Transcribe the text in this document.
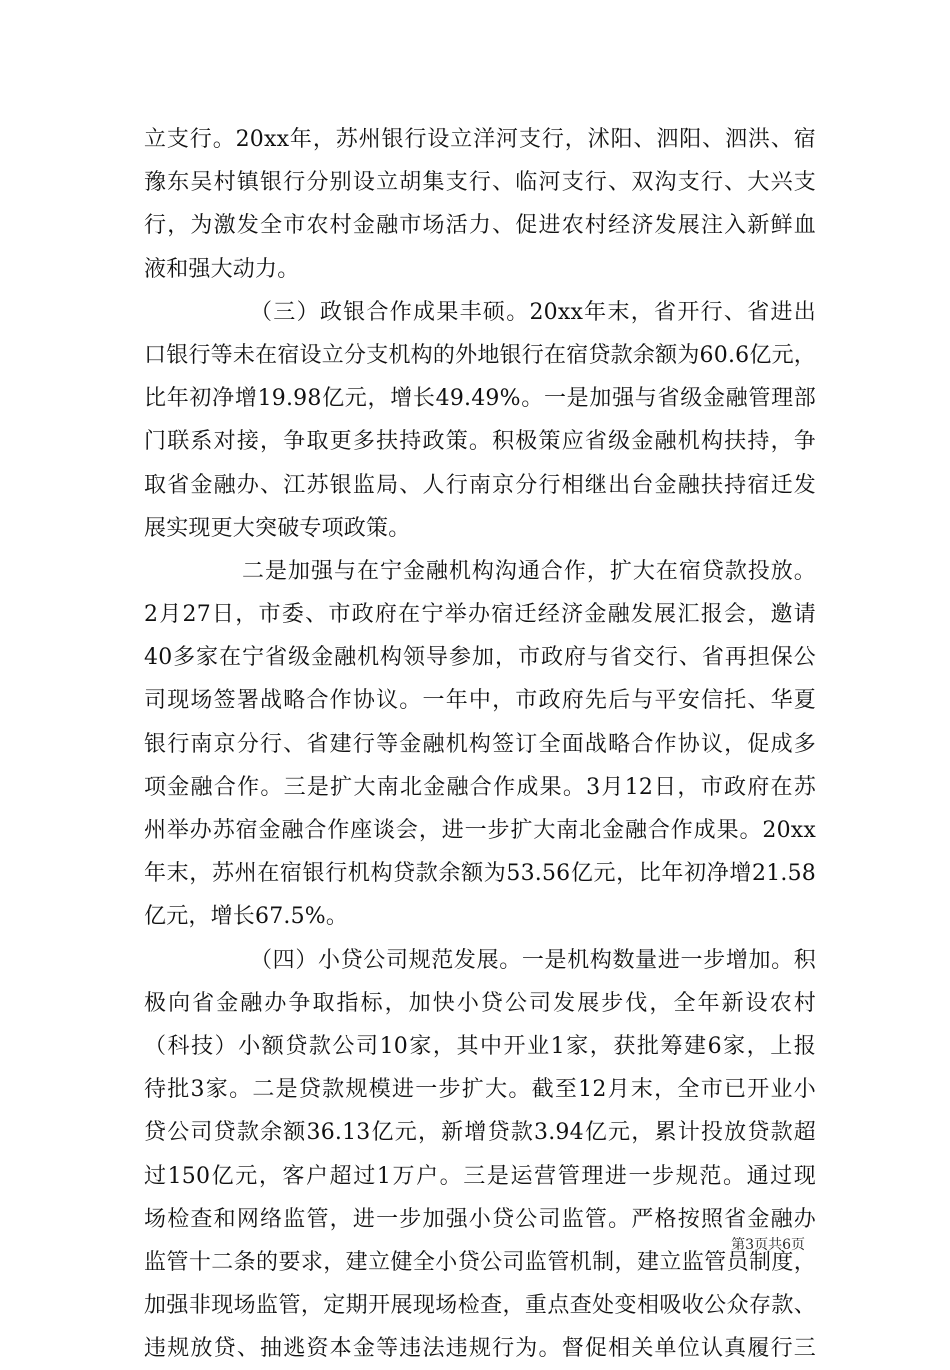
立支行。20xx年，苏州银行设立洋河支行，沭阳、泗阳、泗洪、宿
豫东吴村镇银行分别设立胡集支行、临河支行、双沟支行、大兴支
行，为激发全市农村金融市场活力、促进农村经济发展注入新鲜血
液和强大动力。
（三）政银合作成果丰硕。20xx年末，省开行、省进出
口银行等未在宿设立分支机构的外地银行在宿贷款余额为60.6亿元，
比年初净增19.98亿元，增长49.49%。一是加强与省级金融管理部
门联系对接，争取更多扶持政策。积极策应省级金融机构扶持，争
取省金融办、江苏银监局、人行南京分行相继出台金融扶持宿迁发
展实现更大突破专项政策。
二是加强与在宁金融机构沟通合作，扩大在宿贷款投放。
2月27日，市委、市政府在宁举办宿迁经济金融发展汇报会，邀请
40多家在宁省级金融机构领导参加，市政府与省交行、省再担保公
司现场签署战略合作协议。一年中，市政府先后与平安信托、华夏
银行南京分行、省建行等金融机构签订全面战略合作协议，促成多
项金融合作。三是扩大南北金融合作成果。3月12日，市政府在苏
州举办苏宿金融合作座谈会，进一步扩大南北金融合作成果。20xx
年末，苏州在宿银行机构贷款余额为53.56亿元，比年初净增21.58
亿元，增长67.5%。
（四）小贷公司规范发展。一是机构数量进一步增加。积
极向省金融办争取指标，加快小贷公司发展步伐，全年新设农村
（科技）小额贷款公司10家，其中开业1家，获批筹建6家，上报
待批3家。二是贷款规模进一步扩大。截至12月末，全市已开业小
贷公司贷款余额36.13亿元，新增贷款3.94亿元，累计投放贷款超
过150亿元，客户超过1万户。三是运营管理进一步规范。通过现
场检查和网络监管，进一步加强小贷公司监管。严格按照省金融办
监管十二条的要求，建立健全小贷公司监管机制，建立监管员制度，
加强非现场监管，定期开展现场检查，重点查处变相吸收公众存款、
违规放贷、抽逃资本金等违法违规行为。督促相关单位认真履行三
第3页共6页
